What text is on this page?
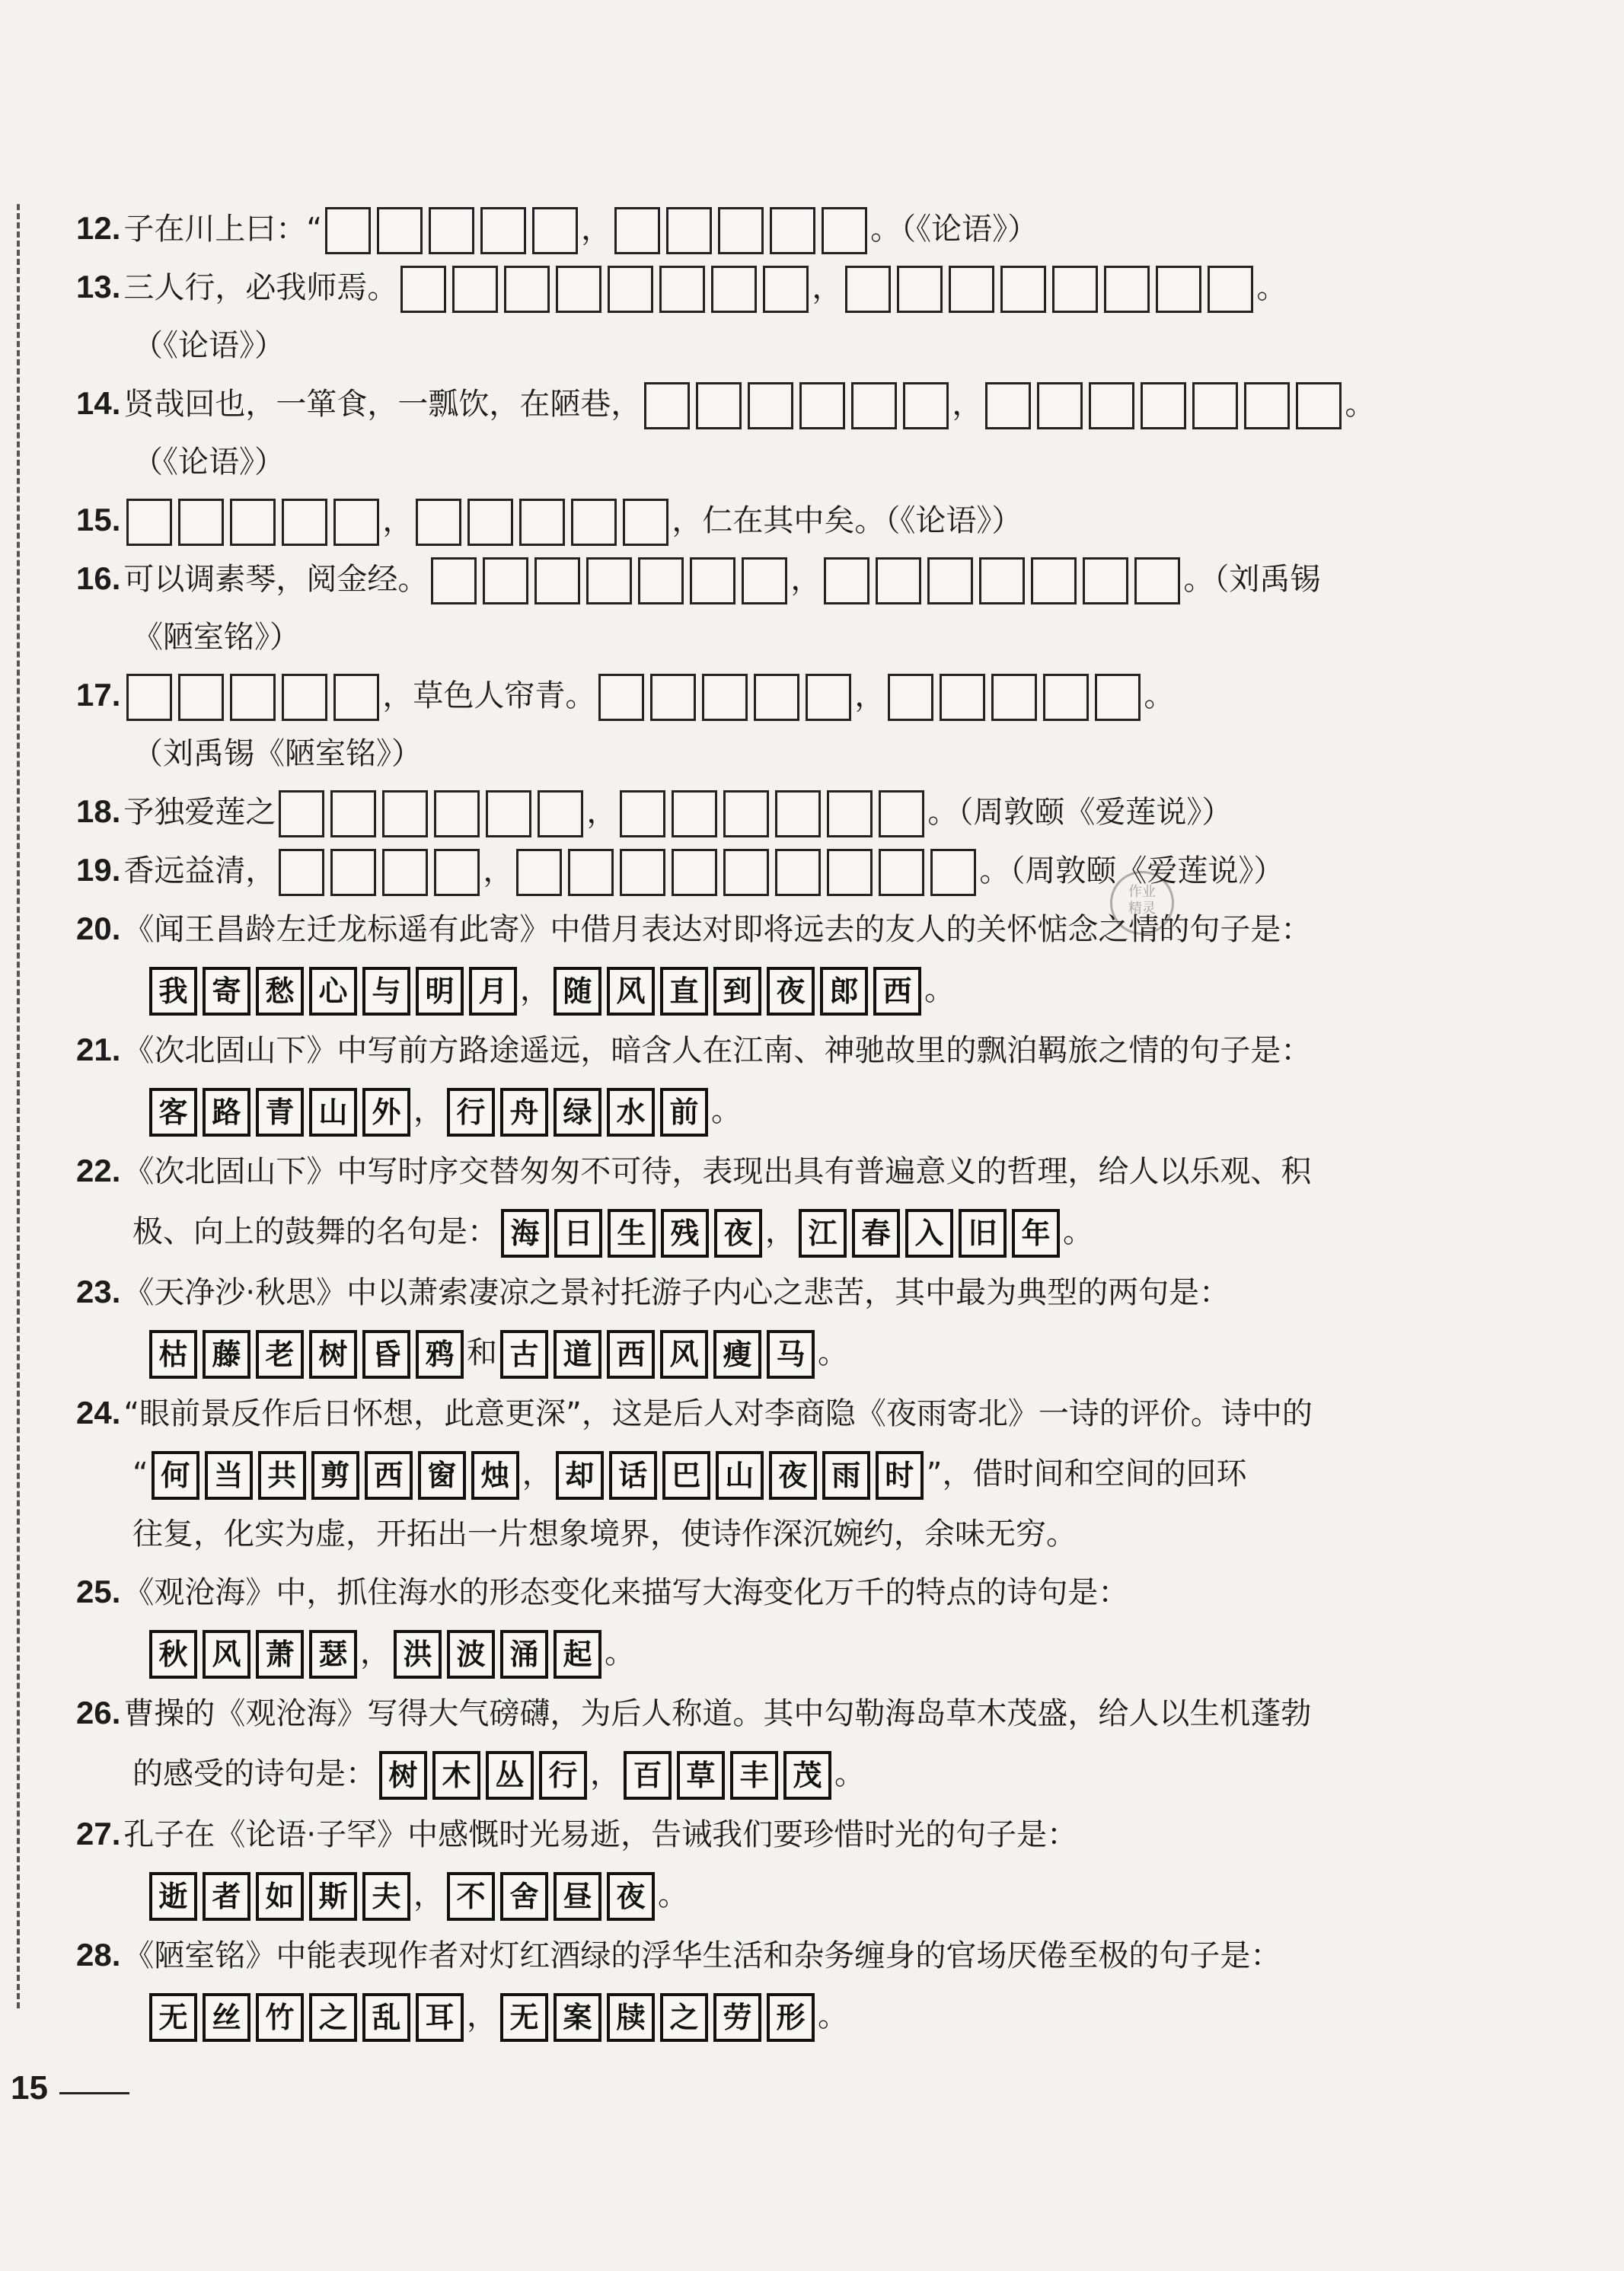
作业
精灵
12. 子在川上曰：“	，	。（《论语》）
13. 三人行，必我师焉。	，	。
（《论语》）
14. 贤哉回也，一箪食，一瓢饮，在陋巷，	，	。
（《论语》）
15.	，	，仁在其中矣。（《论语》）
16. 可以调素琴，阅金经。	，	。（刘禹锡
《陋室铭》）
17.	，草色人帘青。	，	。
（刘禹锡《陋室铭》）
18. 予独爱莲之	，	。（周敦颐《爱莲说》）
19. 香远益清，	，	。（周敦颐《爱莲说》）
20. 《闻王昌龄左迁龙标遥有此寄》中借月表达对即将远去的友人的关怀惦念之情的句子是：
我 寄 愁 心 与 明 月 ， 随 风 直 到 夜 郎 西 。
21. 《次北固山下》中写前方路途遥远，暗含人在江南、神驰故里的飘泊羁旅之情的句子是：
客 路 青 山 外 ， 行 舟 绿 水 前 。
22. 《次北固山下》中写时序交替匆匆不可待，表现出具有普遍意义的哲理，给人以乐观、积
极、向上的鼓舞的名句是： 海 日 生 残 夜 ， 江 春 入 旧 年 。
23. 《天净沙·秋思》中以萧索凄凉之景衬托游子内心之悲苦，其中最为典型的两句是：
枯 藤 老 树 昏 鸦 和 古 道 西 风 瘦 马 。
24. “眼前景反作后日怀想，此意更深”，这是后人对李商隐《夜雨寄北》一诗的评价。诗中的
“ 何 当 共 剪 西 窗 烛 ， 却 话 巴 山 夜 雨 时 ”，借时间和空间的回环
往复，化实为虚，开拓出一片想象境界，使诗作深沉婉约，余味无穷。
25. 《观沧海》中，抓住海水的形态变化来描写大海变化万千的特点的诗句是：
秋 风 萧 瑟 ， 洪 波 涌 起 。
26. 曹操的《观沧海》写得大气磅礴，为后人称道。其中勾勒海岛草木茂盛，给人以生机蓬勃
的感受的诗句是： 树 木 丛 行 ， 百 草 丰 茂 。
27. 孔子在《论语·子罕》中感慨时光易逝，告诫我们要珍惜时光的句子是：
逝 者 如 斯 夫 ， 不 舍 昼 夜 。
28. 《陋室铭》中能表现作者对灯红酒绿的浮华生活和杂务缠身的官场厌倦至极的句子是：
无 丝 竹 之 乱 耳 ， 无 案 牍 之 劳 形 。
15
